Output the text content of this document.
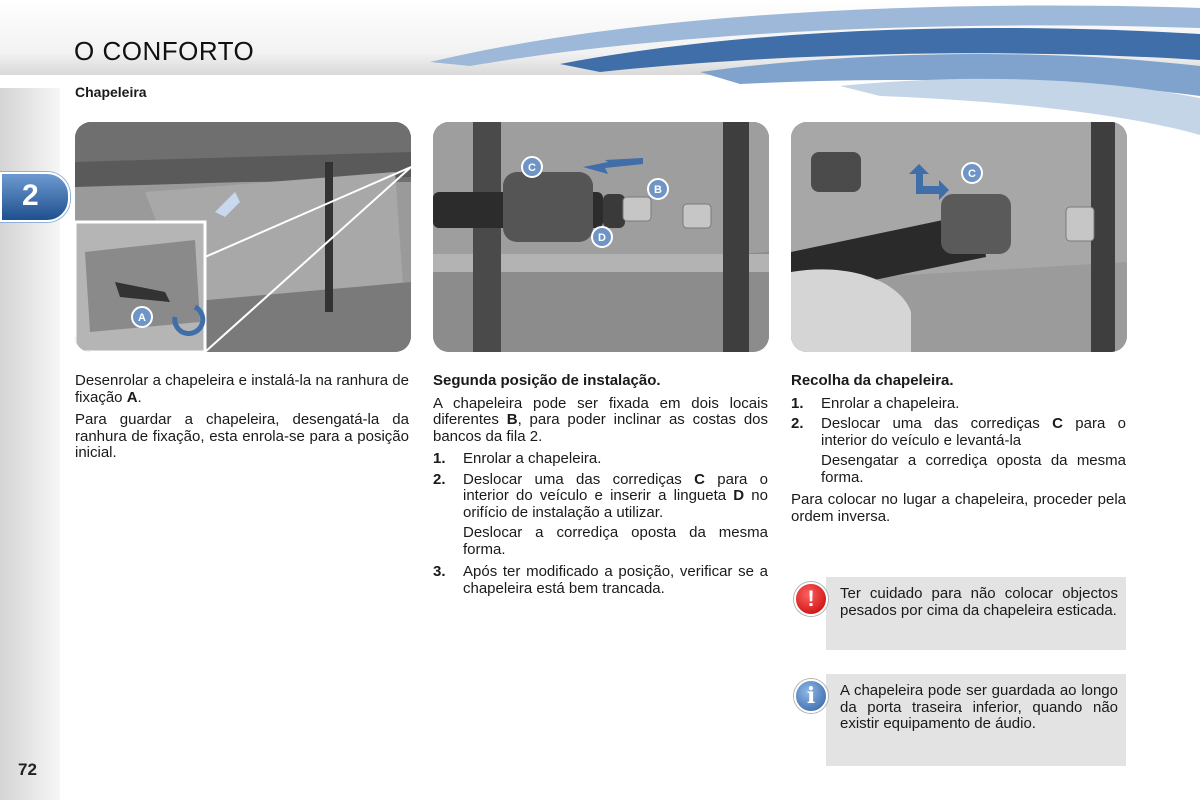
O CONFORTO
Chapeleira
2
72
A
C
B
D
C

Desenrolar a chapeleira e instalá-la na ranhura de fixação A.

Para guardar a chapeleira, desengatá-la da ranhura de fixação, esta enrola-se para a posição inicial.

Segunda posição de instalação.

A chapeleira pode ser fixada em dois locais diferentes B, para poder inclinar as costas dos bancos da fila 2.

1.	Enrolar a chapeleira.
2.	Deslocar uma das corrediças C para o interior do veículo e inserir a lingueta D no orifício de instalação a utilizar.

Deslocar a corrediça oposta da mesma forma.

3.	Após ter modificado a posição, verificar se a chapeleira está bem trancada.

Recolha da chapeleira.

1.	Enrolar a chapeleira.
2.	Deslocar uma das corrediças C para o interior do veículo e levantá-la

Desengatar a corrediça oposta da mesma forma.

Para colocar no lugar a chapeleira, proceder pela ordem inversa.

!	Ter cuidado para não colocar objectos pesados por cima da chapeleira esticada.
i	A chapeleira pode ser guardada ao longo da porta traseira inferior, quando não existir equipamento de áudio.
